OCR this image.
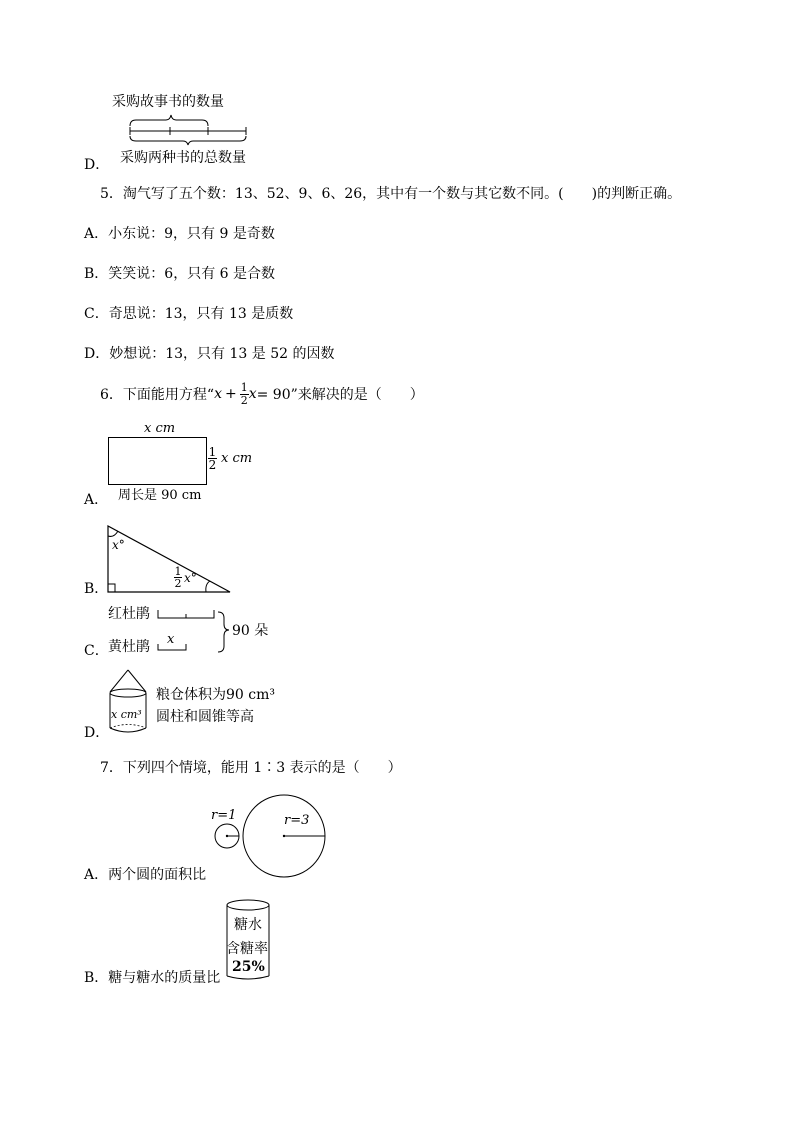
采购故事书的数量
D． 采购两种书的总数量
5．淘气写了五个数：13、52、9、6、26，其中有一个数与其它数不同。(　　)的判断正确。
A．小东说：9，只有 9 是奇数
B．笑笑说：6，只有 6 是合数
C．奇思说：13，只有 13 是质数
D．妙想说：13，只有 13 是 52 的因数
6．下面能用方程“ x + 1
2 x = 90”来解决的是（　　）
x cm
1
2 x cm
A． 周长是 90 cm
x°
1
2 x°
B．
红杜鹃
黄杜鹃 x
90 朵
C．
x cm³
粮仓体积为90 cm³
圆柱和圆锥等高
D．
7．下列四个情境，能用 1∶3 表示的是（　　）
r=1	r=3
A．两个圆的面积比
糖水
含糖率
25%
B．糖与糖水的质量比
